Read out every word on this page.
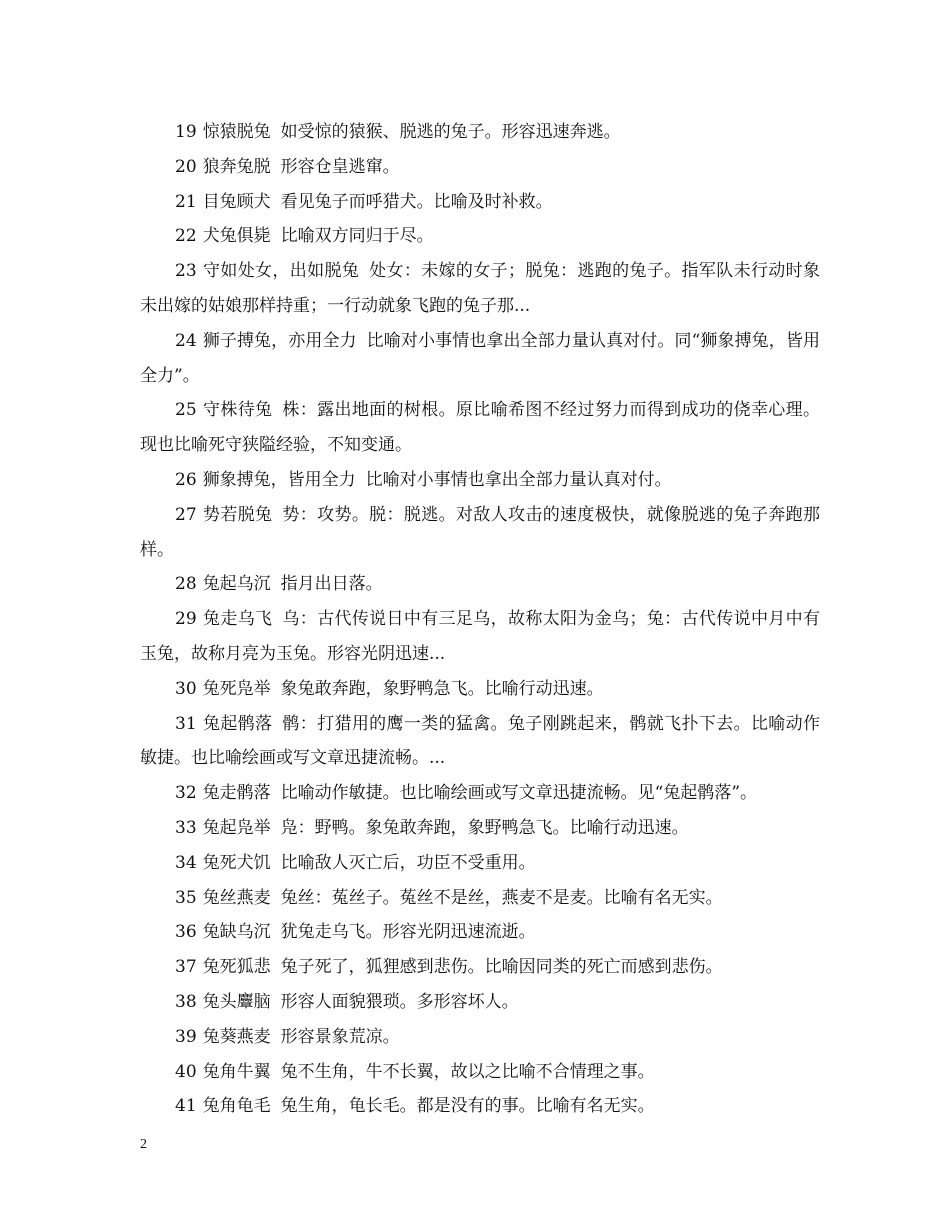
19 惊猿脱兔 如受惊的猿猴、脱逃的兔子。形容迅速奔逃。

20 狼奔兔脱 形容仓皇逃窜。

21 目兔顾犬 看见兔子而呼猎犬。比喻及时补救。

22 犬兔俱毙 比喻双方同归于尽。

23 守如处女，出如脱兔 处女：未嫁的女子；脱兔：逃跑的兔子。指军队未行动时象未出嫁的姑娘那样持重；一行动就象飞跑的兔子那...

24 狮子搏兔，亦用全力 比喻对小事情也拿出全部力量认真对付。同“狮象搏兔，皆用全力”。

25 守株待兔 株：露出地面的树根。原比喻希图不经过努力而得到成功的侥幸心理。现也比喻死守狭隘经验，不知变通。

26 狮象搏兔，皆用全力 比喻对小事情也拿出全部力量认真对付。

27 势若脱兔 势：攻势。脱：脱逃。对敌人攻击的速度极快，就像脱逃的兔子奔跑那样。

28 兔起乌沉 指月出日落。

29 兔走乌飞 乌：古代传说日中有三足乌，故称太阳为金乌；兔：古代传说中月中有玉兔，故称月亮为玉兔。形容光阴迅速...

30 兔死凫举 象兔敢奔跑，象野鸭急飞。比喻行动迅速。

31 兔起鹘落 鹘：打猎用的鹰一类的猛禽。兔子刚跳起来，鹘就飞扑下去。比喻动作敏捷。也比喻绘画或写文章迅捷流畅。...

32 兔走鹘落 比喻动作敏捷。也比喻绘画或写文章迅捷流畅。见“兔起鹘落”。

33 兔起凫举 凫：野鸭。象兔敢奔跑，象野鸭急飞。比喻行动迅速。

34 兔死犬饥 比喻敌人灭亡后，功臣不受重用。

35 兔丝燕麦 兔丝：菟丝子。菟丝不是丝，燕麦不是麦。比喻有名无实。

36 兔缺乌沉 犹兔走乌飞。形容光阴迅速流逝。

37 兔死狐悲 兔子死了，狐狸感到悲伤。比喻因同类的死亡而感到悲伤。

38 兔头麞脑 形容人面貌猥琐。多形容坏人。

39 兔葵燕麦 形容景象荒凉。

40 兔角牛翼 兔不生角，牛不长翼，故以之比喻不合情理之事。

41 兔角龟毛 兔生角，龟长毛。都是没有的事。比喻有名无实。

2
